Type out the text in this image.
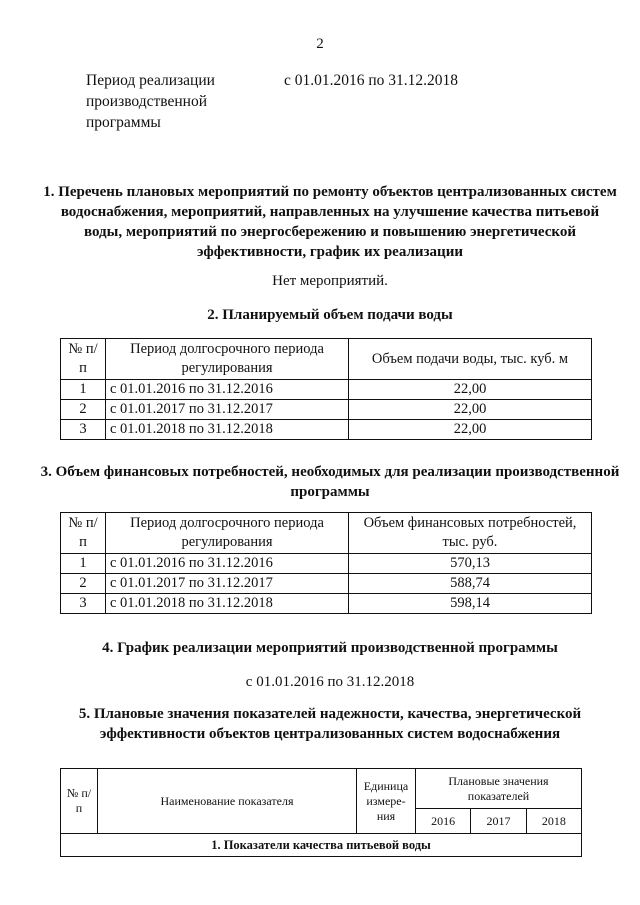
2
Период реализации производственной программы
с 01.01.2016 по 31.12.2018
1. Перечень плановых мероприятий по ремонту объектов централизованных систем водоснабжения, мероприятий, направленных на улучшение качества питьевой воды, мероприятий по энергосбережению и повышению энергетической эффективности, график их реализации
Нет мероприятий.
2. Планируемый объем подачи воды
№ п/п	Период долгосрочного периода регулирования	Объем подачи воды, тыс. куб. м
1	с 01.01.2016 по 31.12.2016	22,00
2	с 01.01.2017 по 31.12.2017	22,00
3	с 01.01.2018 по 31.12.2018	22,00
3. Объем финансовых потребностей, необходимых для реализации производственной программы
№ п/п	Период долгосрочного периода регулирования	Объем финансовых потребностей, тыс. руб.
1	с 01.01.2016 по 31.12.2016	570,13
2	с 01.01.2017 по 31.12.2017	588,74
3	с 01.01.2018 по 31.12.2018	598,14
4. График реализации мероприятий производственной программы
с 01.01.2016 по 31.12.2018
5. Плановые значения показателей надежности, качества, энергетической эффективности объектов централизованных систем водоснабжения
№ п/п	Наименование показателя	Единица измере-ния	Плановые значения показателей		
			2016	2017	2018
1. Показатели качества питьевой воды					
